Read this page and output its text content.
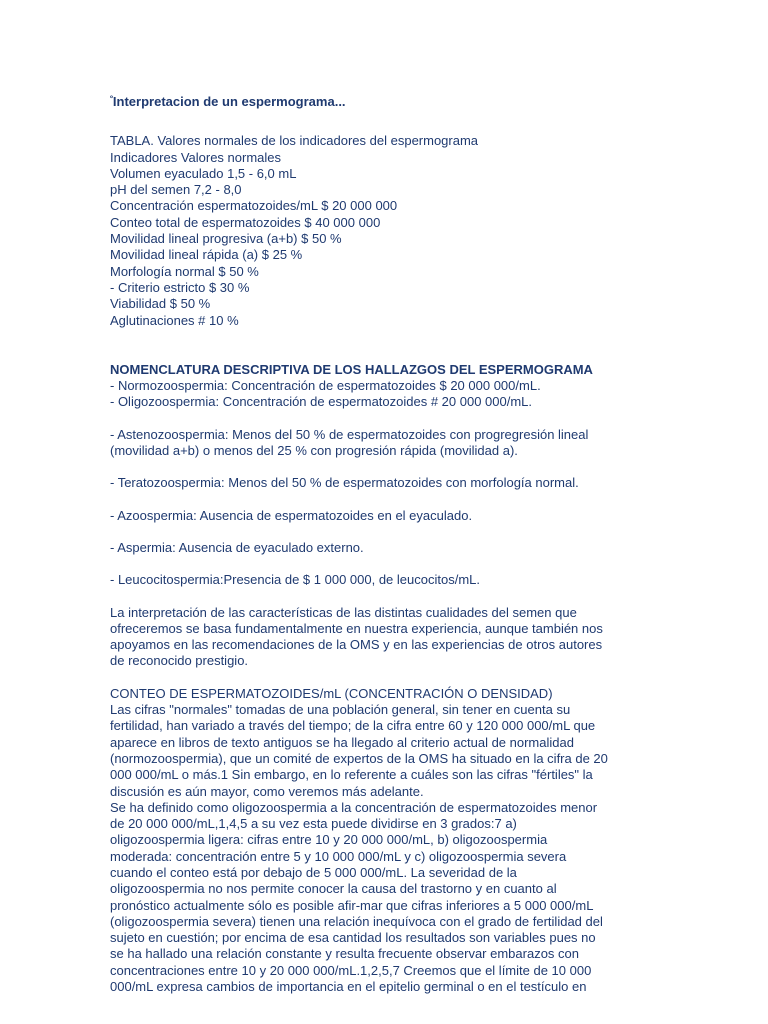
$^º$Interpretacion de un espermograma...

TABLA. Valores normales de los indicadores del espermograma

Indicadores Valores normales

Volumen eyaculado 1,5 - 6,0 mL

pH del semen 7,2 - 8,0

Concentración espermatozoides/mL $ 20 000 000

Conteo total de espermatozoides $ 40 000 000

Movilidad lineal progresiva (a+b) $ 50 %

Movilidad lineal rápida (a) $ 25 %

Morfología normal $ 50 %

- Criterio estricto $ 30 %

Viabilidad $ 50 %

Aglutinaciones # 10 %

NOMENCLATURA DESCRIPTIVA DE LOS HALLAZGOS DEL ESPERMOGRAMA

- Normozoospermia: Concentración de espermatozoides $ 20 000 000/mL.

- Oligozoospermia: Concentración de espermatozoides # 20 000 000/mL.

- Astenozoospermia: Menos del 50 % de espermatozoides con progregresión lineal

(movilidad a+b) o menos del 25 % con progresión rápida (movilidad a).

- Teratozoospermia: Menos del 50 % de espermatozoides con morfología normal.

- Azoospermia: Ausencia de espermatozoides en el eyaculado.

- Aspermia: Ausencia de eyaculado externo.

- Leucocitospermia:Presencia de $ 1 000 000, de leucocitos/mL.

La interpretación de las características de las distintas cualidades del semen que

ofreceremos se basa fundamentalmente en nuestra experiencia, aunque también nos

apoyamos en las recomendaciones de la OMS y en las experiencias de otros autores

de reconocido prestigio.

CONTEO DE ESPERMATOZOIDES/mL (CONCENTRACIÓN O DENSIDAD)

Las cifras "normales" tomadas de una población general, sin tener en cuenta su

fertilidad, han variado a través del tiempo; de la cifra entre 60 y 120 000 000/mL que

aparece en libros de texto antiguos se ha llegado al criterio actual de normalidad

(normozoospermia), que un comité de expertos de la OMS ha situado en la cifra de 20

000 000/mL o más.1 Sin embargo, en lo referente a cuáles son las cifras "fértiles" la

discusión es aún mayor, como veremos más adelante.

Se ha definido como oligozoospermia a la concentración de espermatozoides menor

de 20 000 000/mL,1,4,5 a su vez esta puede dividirse en 3 grados:7 a)

oligozoospermia ligera: cifras entre 10 y 20 000 000/mL, b) oligozoospermia

moderada: concentración entre 5 y 10 000 000/mL y c) oligozoospermia severa

cuando el conteo está por debajo de 5 000 000/mL. La severidad de la

oligozoospermia no nos permite conocer la causa del trastorno y en cuanto al

pronóstico actualmente sólo es posible afir-mar que cifras inferiores a 5 000 000/mL

(oligozoospermia severa) tienen una relación inequívoca con el grado de fertilidad del

sujeto en cuestión; por encima de esa cantidad los resultados son variables pues no

se ha hallado una relación constante y resulta frecuente observar embarazos con

concentraciones entre 10 y 20 000 000/mL.1,2,5,7 Creemos que el límite de 10 000

000/mL expresa cambios de importancia en el epitelio germinal o en el testículo en
